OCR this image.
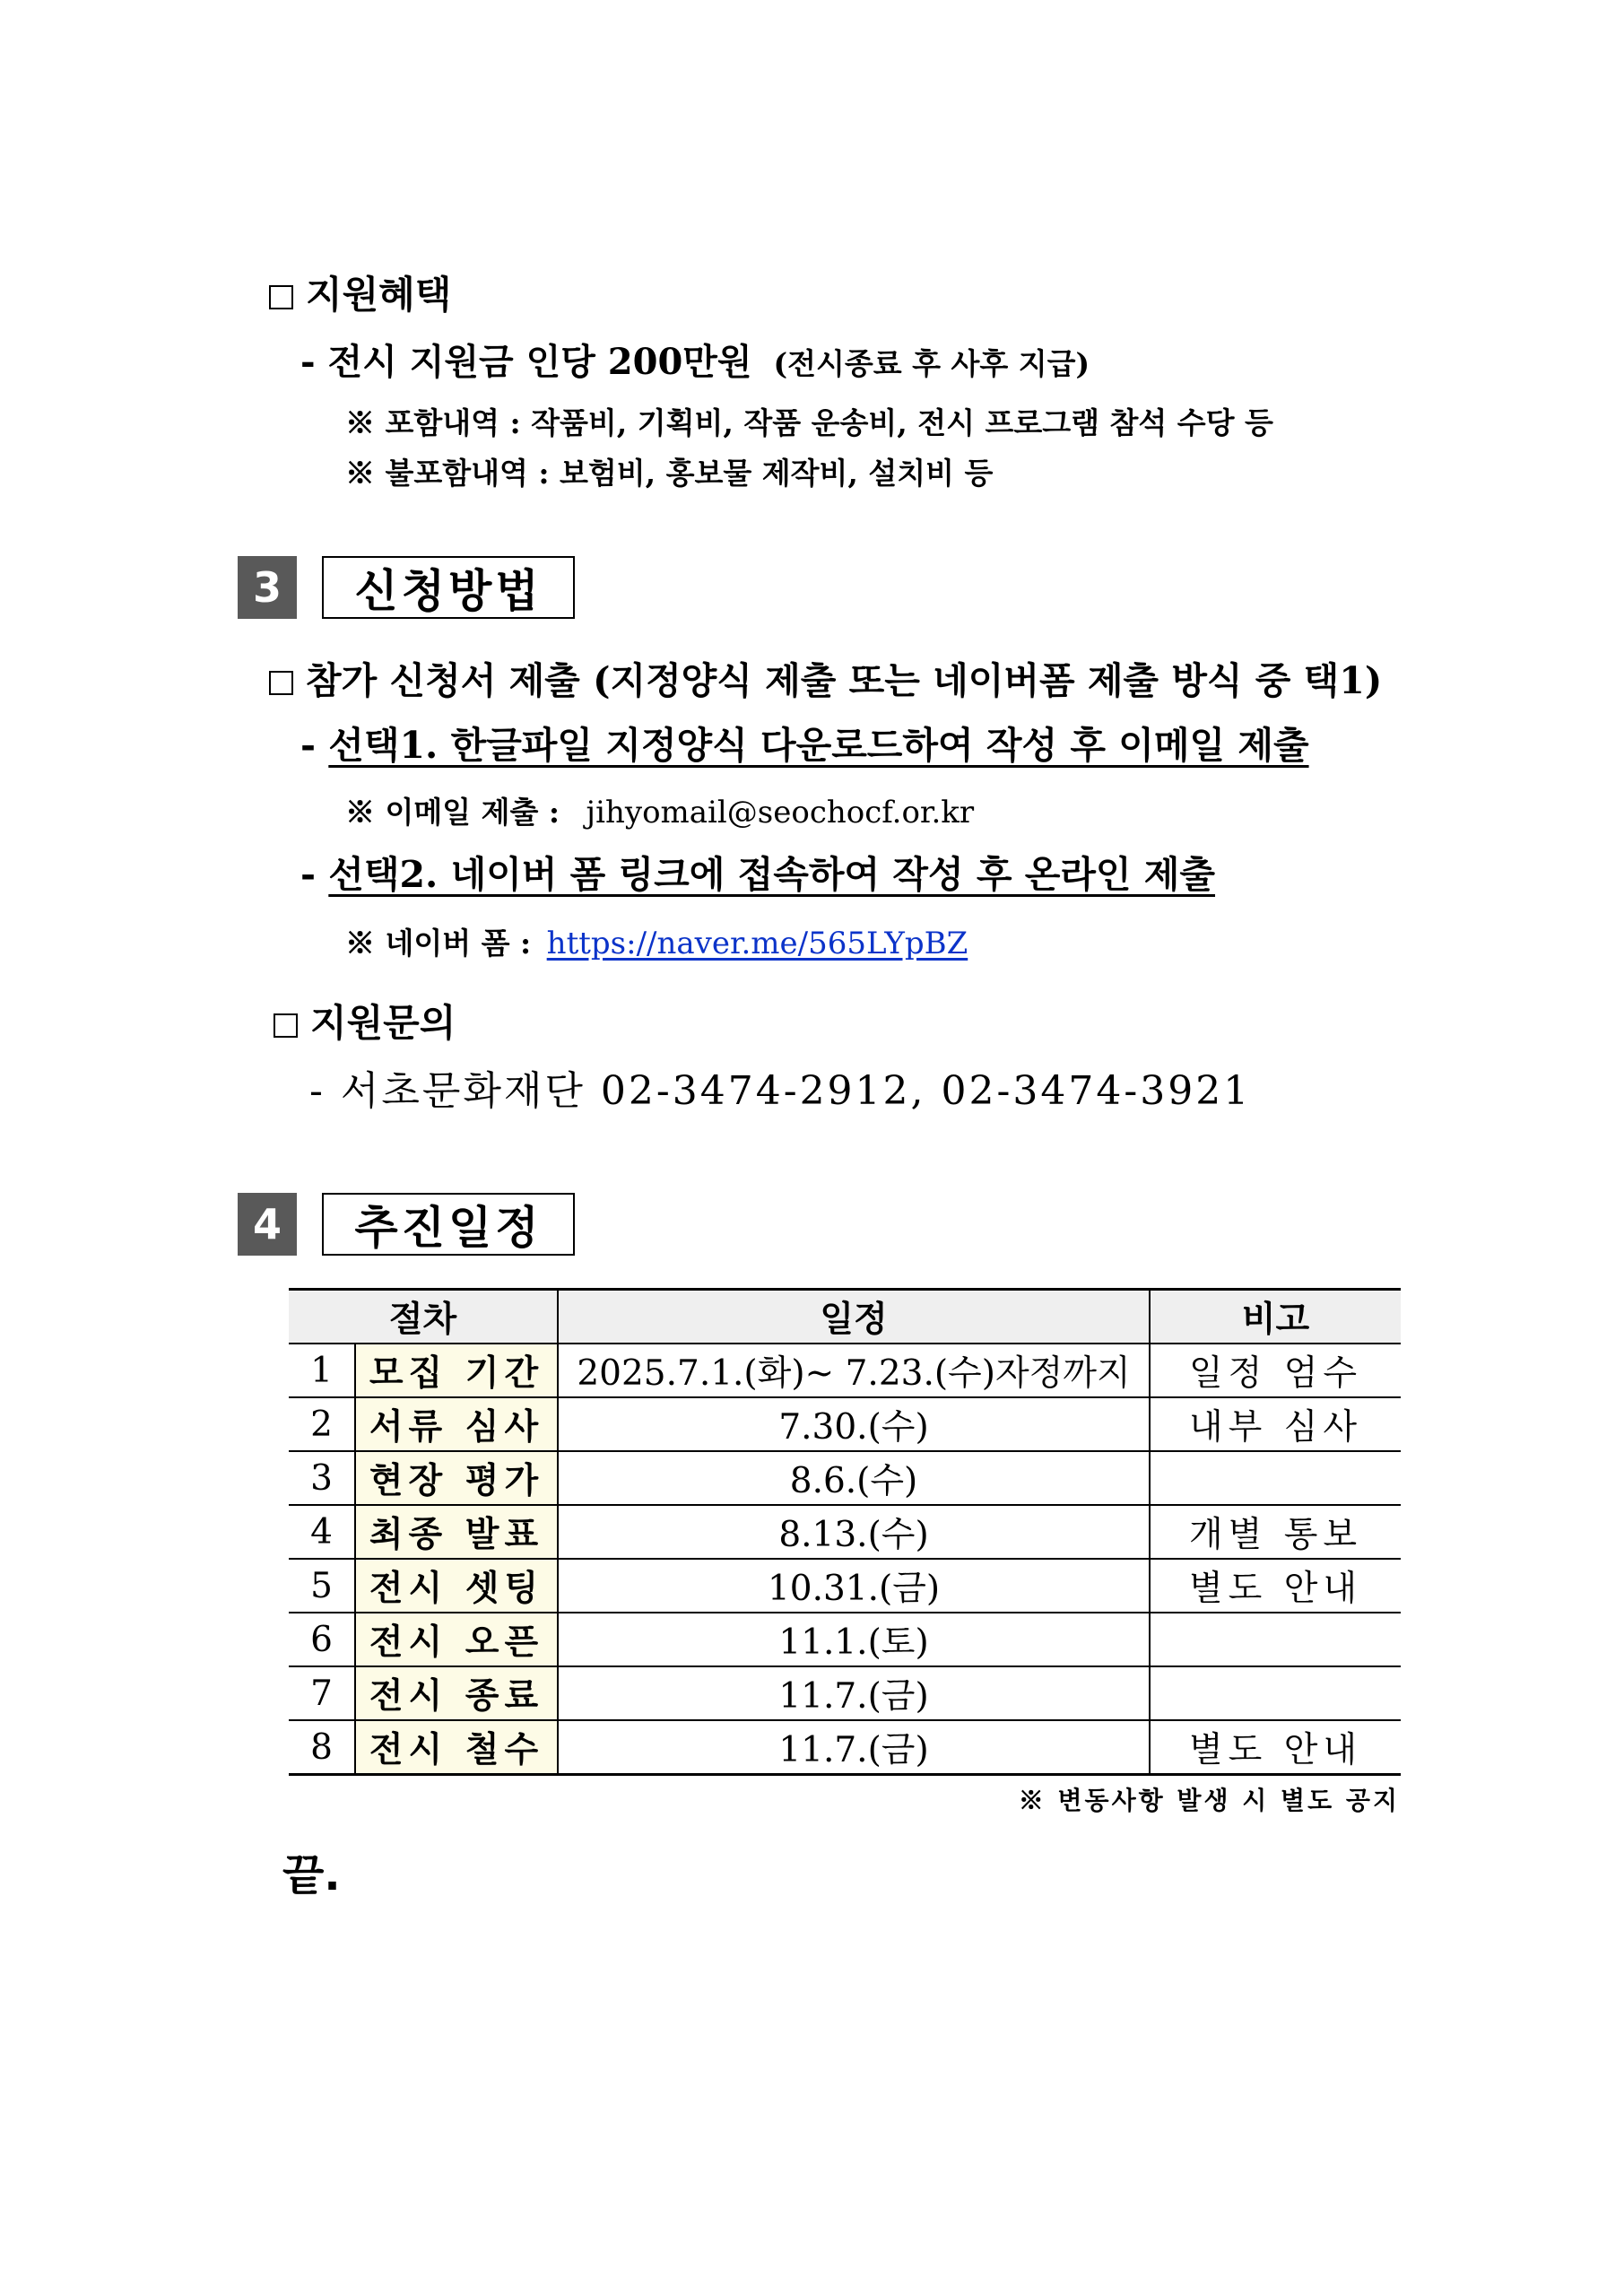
지원혜택
- 전시 지원금 인당 200만원 (전시종료 후 사후 지급)
※ 포함내역 : 작품비, 기획비, 작품 운송비, 전시 프로그램 참석 수당 등
※ 불포함내역 : 보험비, 홍보물 제작비, 설치비 등
3	신청방법
참가 신청서 제출 (지정양식 제출 또는 네이버폼 제출 방식 중 택1)
- 선택1. 한글파일 지정양식 다운로드하여 작성 후 이메일 제출
※ 이메일 제출 : jihyomail@seochocf.or.kr
- 선택2. 네이버 폼 링크에 접속하여 작성 후 온라인 제출
※ 네이버 폼 : https://naver.me/565LYpBZ
지원문의
- 서초문화재단 02-3474-2912, 02-3474-3921
4	추진일정
절차		일정	비고
1	모집 기간	2025.7.1.(화)~ 7.23.(수)자정까지	일정 엄수
2	서류 심사	7.30.(수)	내부 심사
3	현장 평가	8.6.(수)	
4	최종 발표	8.13.(수)	개별 통보
5	전시 셋팅	10.31.(금)	별도 안내
6	전시 오픈	11.1.(토)	
7	전시 종료	11.7.(금)	
8	전시 철수	11.7.(금)	별도 안내
※ 변동사항 발생 시 별도 공지
끝.
